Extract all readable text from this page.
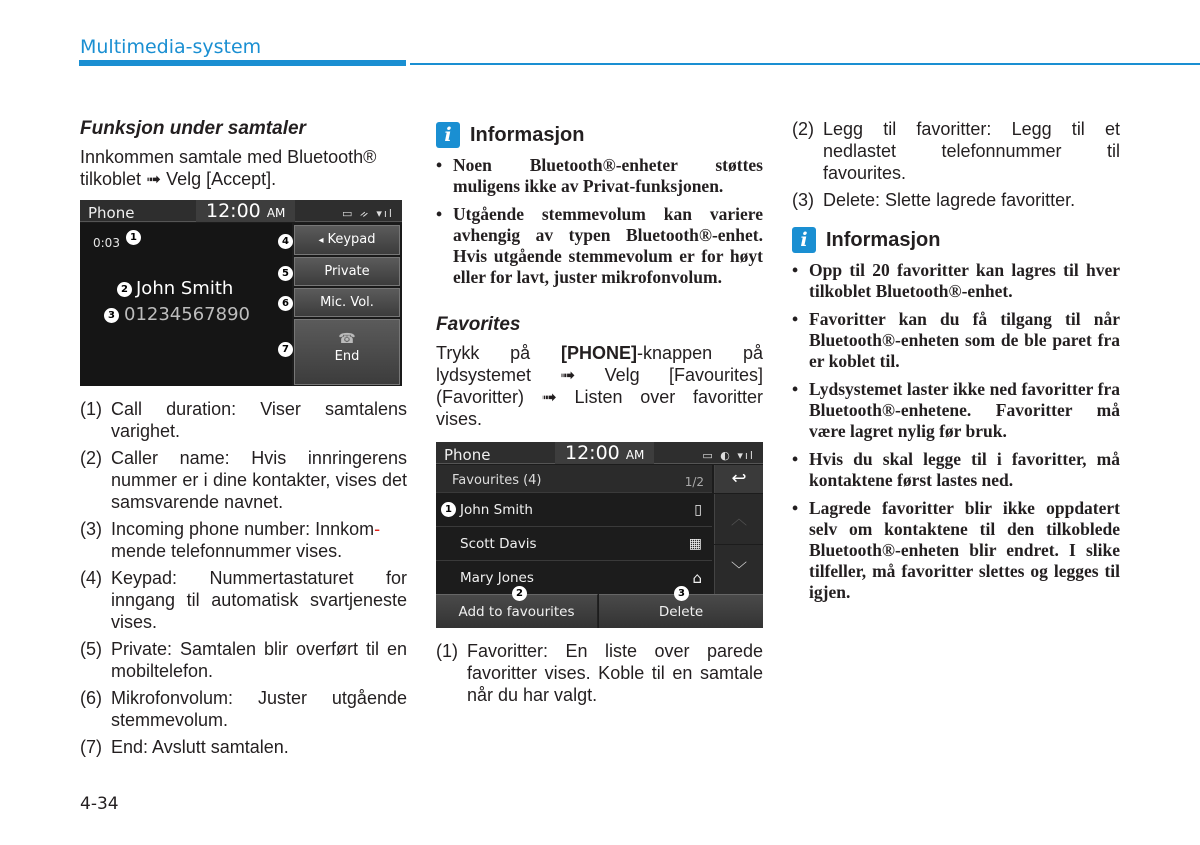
Multimedia-system
Funksjon under samtaler

Innkommen samtale med Bluetooth® tilkoblet ➟ Velg [Accept].

Phone	12:00 AM	▭ ᨀ ▾ıl
0:03	1
2 John Smith
3 01234567890
4
5
6
7
◂ Keypad
Private
Mic. Vol.
☎
End
(1) Call duration: Viser samtalens varighet.
(2) Caller name: Hvis innringerens nummer er i dine kontakter, vises det samsvarende navnet.
(3) Incoming phone number: Innkom-mende telefonnummer vises.
(4) Keypad: Nummertastaturet for inngang til automatisk svartjeneste vises.
(5) Private: Samtalen blir overført til en mobiltelefon.
(6) Mikrofonvolum: Juster utgående stemmevolum.
(7) End: Avslutt samtalen.
i Informasjon
• Noen Bluetooth®-enheter støttes muligens ikke av Privat-funksjonen.
• Utgående stemmevolum kan variere avhengig av typen Bluetooth®-enhet. Hvis utgående stemmevolum er for høyt eller for lavt, juster mikrofonvolum.
Favorites

Trykk på [PHONE]-knappen på lydsystemet ➟ Velg [Favourites] (Favoritter) ➟ Listen over favoritter vises.

Phone	12:00 AM	▭ ◐ ▾ıl
Favourites (4)	1/2
1 John Smith	▯
Scott Davis	▦
Mary Jones	⌂
↩
︿
﹀
2	3
Add to favourites	Delete
(1) Favoritter: En liste over parede favoritter vises. Koble til en samtale når du har valgt.
(2) Legg til favoritter: Legg til et nedlastet telefonnummer til favourites.
(3) Delete: Slette lagrede favoritter.
i Informasjon
• Opp til 20 favoritter kan lagres til hver tilkoblet Bluetooth®-enhet.
• Favoritter kan du få tilgang til når Bluetooth®-enheten som de ble paret fra er koblet til.
• Lydsystemet laster ikke ned favoritter fra Bluetooth®-enhetene. Favoritter må være lagret nylig før bruk.
• Hvis du skal legge til i favoritter, må kontaktene først lastes ned.
• Lagrede favoritter blir ikke oppdatert selv om kontaktene til den tilkoblede Bluetooth®-enheten blir endret. I slike tilfeller, må favoritter slettes og legges til igjen.
4-34
